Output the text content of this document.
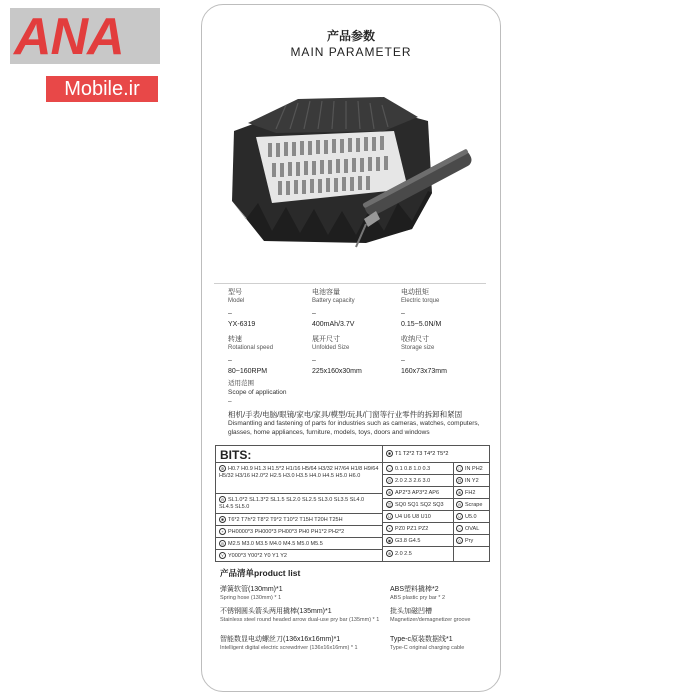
ANA
Mobile.ir
产品参数
MAIN PARAMETER
型号
Model
–
YX-6319
电池容量
Battery capacity
–
400mAh/3.7V
电动扭矩
Electric torque
–
0.15~5.0N/M
转速
Rotational speed
–
80~160RPM
展开尺寸
Unfolded Size
–
225x160x30mm
收纳尺寸
Storage size
–
160x73x73mm
适用范围
Scope of application
–
相机/手表/电脑/眼镜/家电/家具/模型/玩具/门窗等行业零件的拆卸和紧固
Dismantling and fastening of parts for industries such as cameras, watches, computers, glasses, home appliances, furniture, models, toys, doors and windows
BITS:
✲ H0.7 H0.9 H1.3 H1.5*2 H1/16 H5/64 H3/32 H7/64 H1/8 H9/64 H5/32 H3/16 H2.0*2 H2.5 H3.0 H3.5 H4.0 H4.5 H5.0 H6.0
⊖ SL1.0*2 SL1.3*2 SL1.5 SL2.0 SL2.5 SL3.0 SL3.5 SL4.0 SL4.5 SL5.0
✱ T6*2 T7h*2 T8*2 T9*2 T10*2 T15H T20H T25H
+ PH0000*3 PH000*3 PH00*3 PH0 PH1*2 PH2*2
◎ M2.5 M3.0 M3.5 M4.0 M4.5 M5.0 M5.5
Y Y000*3 Y00*2 Y0 Y1 Y2
✱ T1 T2*2 T3 T4*2 T5*2
○ 0.1 0.8 1.0 0.3	□ IN PH2
⊙ 2.0 2.3 2.6 3.0	⊡ IN Y2
⊕ AP2*3 AP3*2 AP6	⊗ FH2
◫ SQ0 SQ1 SQ2 SQ3	⊖ Scrape
U U4 U6 U8 U10	∪ U5.0
+ PZ0 PZ1 PZ2	○ OVAL
◉ G3.8 G4.5	◇ Pry
⊕ 2.0 2.5
产品清单product list
弹簧软管(130mm)*1
Spring hose (130mm) * 1
ABS塑料撬棒*2
ABS plastic pry bar * 2
不锈钢圆头箭头两用撬棒(135mm)*1
Stainless steel round headed arrow dual-use pry bar (135mm) * 1
批头加磁凹槽
Magnetizer/demagnetizer groove
智能数显电动螺丝刀(136x16x16mm)*1
Intelligent digital electric screwdriver (136x16x16mm) * 1
Type-c原装数据线*1
Type-C original charging cable
